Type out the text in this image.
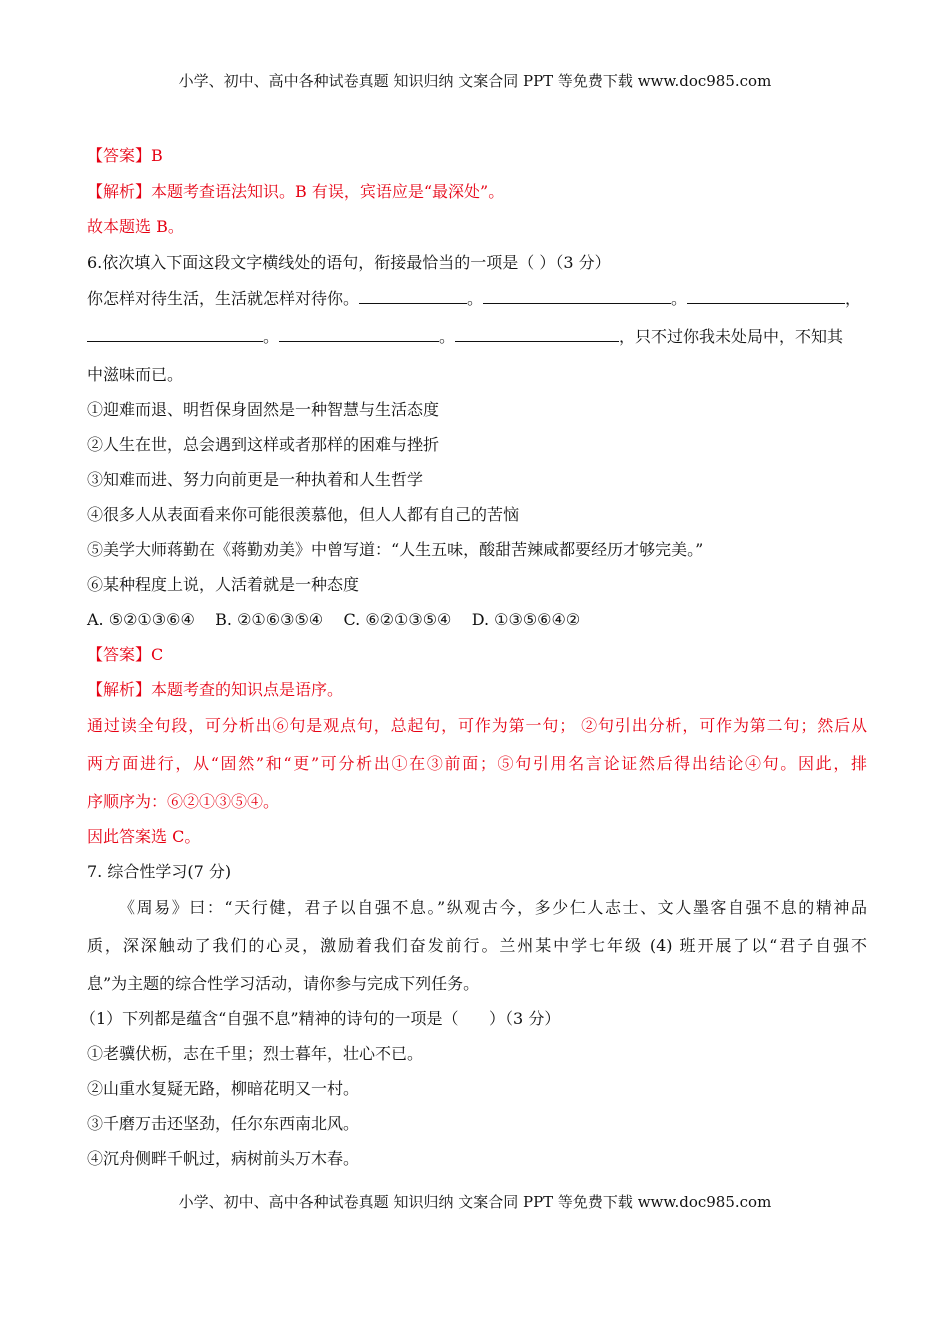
小学、初中、高中各种试卷真题 知识归纳 文案合同 PPT 等免费下载 www.doc985.com
【答案】B
【解析】本题考查语法知识。B 有误，宾语应是“最深处”。
故本题选 B。
6.依次填入下面这段文字横线处的语句，衔接最恰当的一项是（ ）（3 分）
你怎样对待生活，生活就怎样对待你。	。	。	，
。	。	，只不过你我未处局中，不知其
中滋味而已。
①迎难而退、明哲保身固然是一种智慧与生活态度
②人生在世，总会遇到这样或者那样的困难与挫折
③知难而进、努力向前更是一种执着和人生哲学
④很多人从表面看来你可能很羡慕他，但人人都有自己的苦恼
⑤美学大师蒋勤在《蒋勤劝美》中曾写道：“人生五味，酸甜苦辣咸都要经历才够完美。”
⑥某种程度上说，人活着就是一种态度
A. ⑤②①③⑥④    B. ②①⑥③⑤④    C. ⑥②①③⑤④    D. ①③⑤⑥④②
【答案】C
【解析】本题考查的知识点是语序。
通过读全句段，可分析出⑥句是观点句，总起句，可作为第一句； ②句引出分析，可作为第二句；然后从
两方面进行，从“固然”和“更”可分析出①在③前面；⑤句引用名言论证然后得出结论④句。因此，排
序顺序为：⑥②①③⑤④。
因此答案选 C。
7. 综合性学习(7 分)
《周易》曰：“天行健，君子以自强不息。”纵观古今，多少仁人志士、文人墨客自强不息的精神品
质，深深触动了我们的心灵，激励着我们奋发前行。兰州某中学七年级 (4) 班开展了以“君子自强不
息”为主题的综合性学习活动，请你参与完成下列任务。
（1）下列都是蕴含“自强不息”精神的诗句的一项是（      ）（3 分）
①老骥伏枥，志在千里；烈士暮年，壮心不已。
②山重水复疑无路，柳暗花明又一村。
③千磨万击还坚劲，任尔东西南北风。
④沉舟侧畔千帆过，病树前头万木春。
小学、初中、高中各种试卷真题 知识归纳 文案合同 PPT 等免费下载 www.doc985.com
